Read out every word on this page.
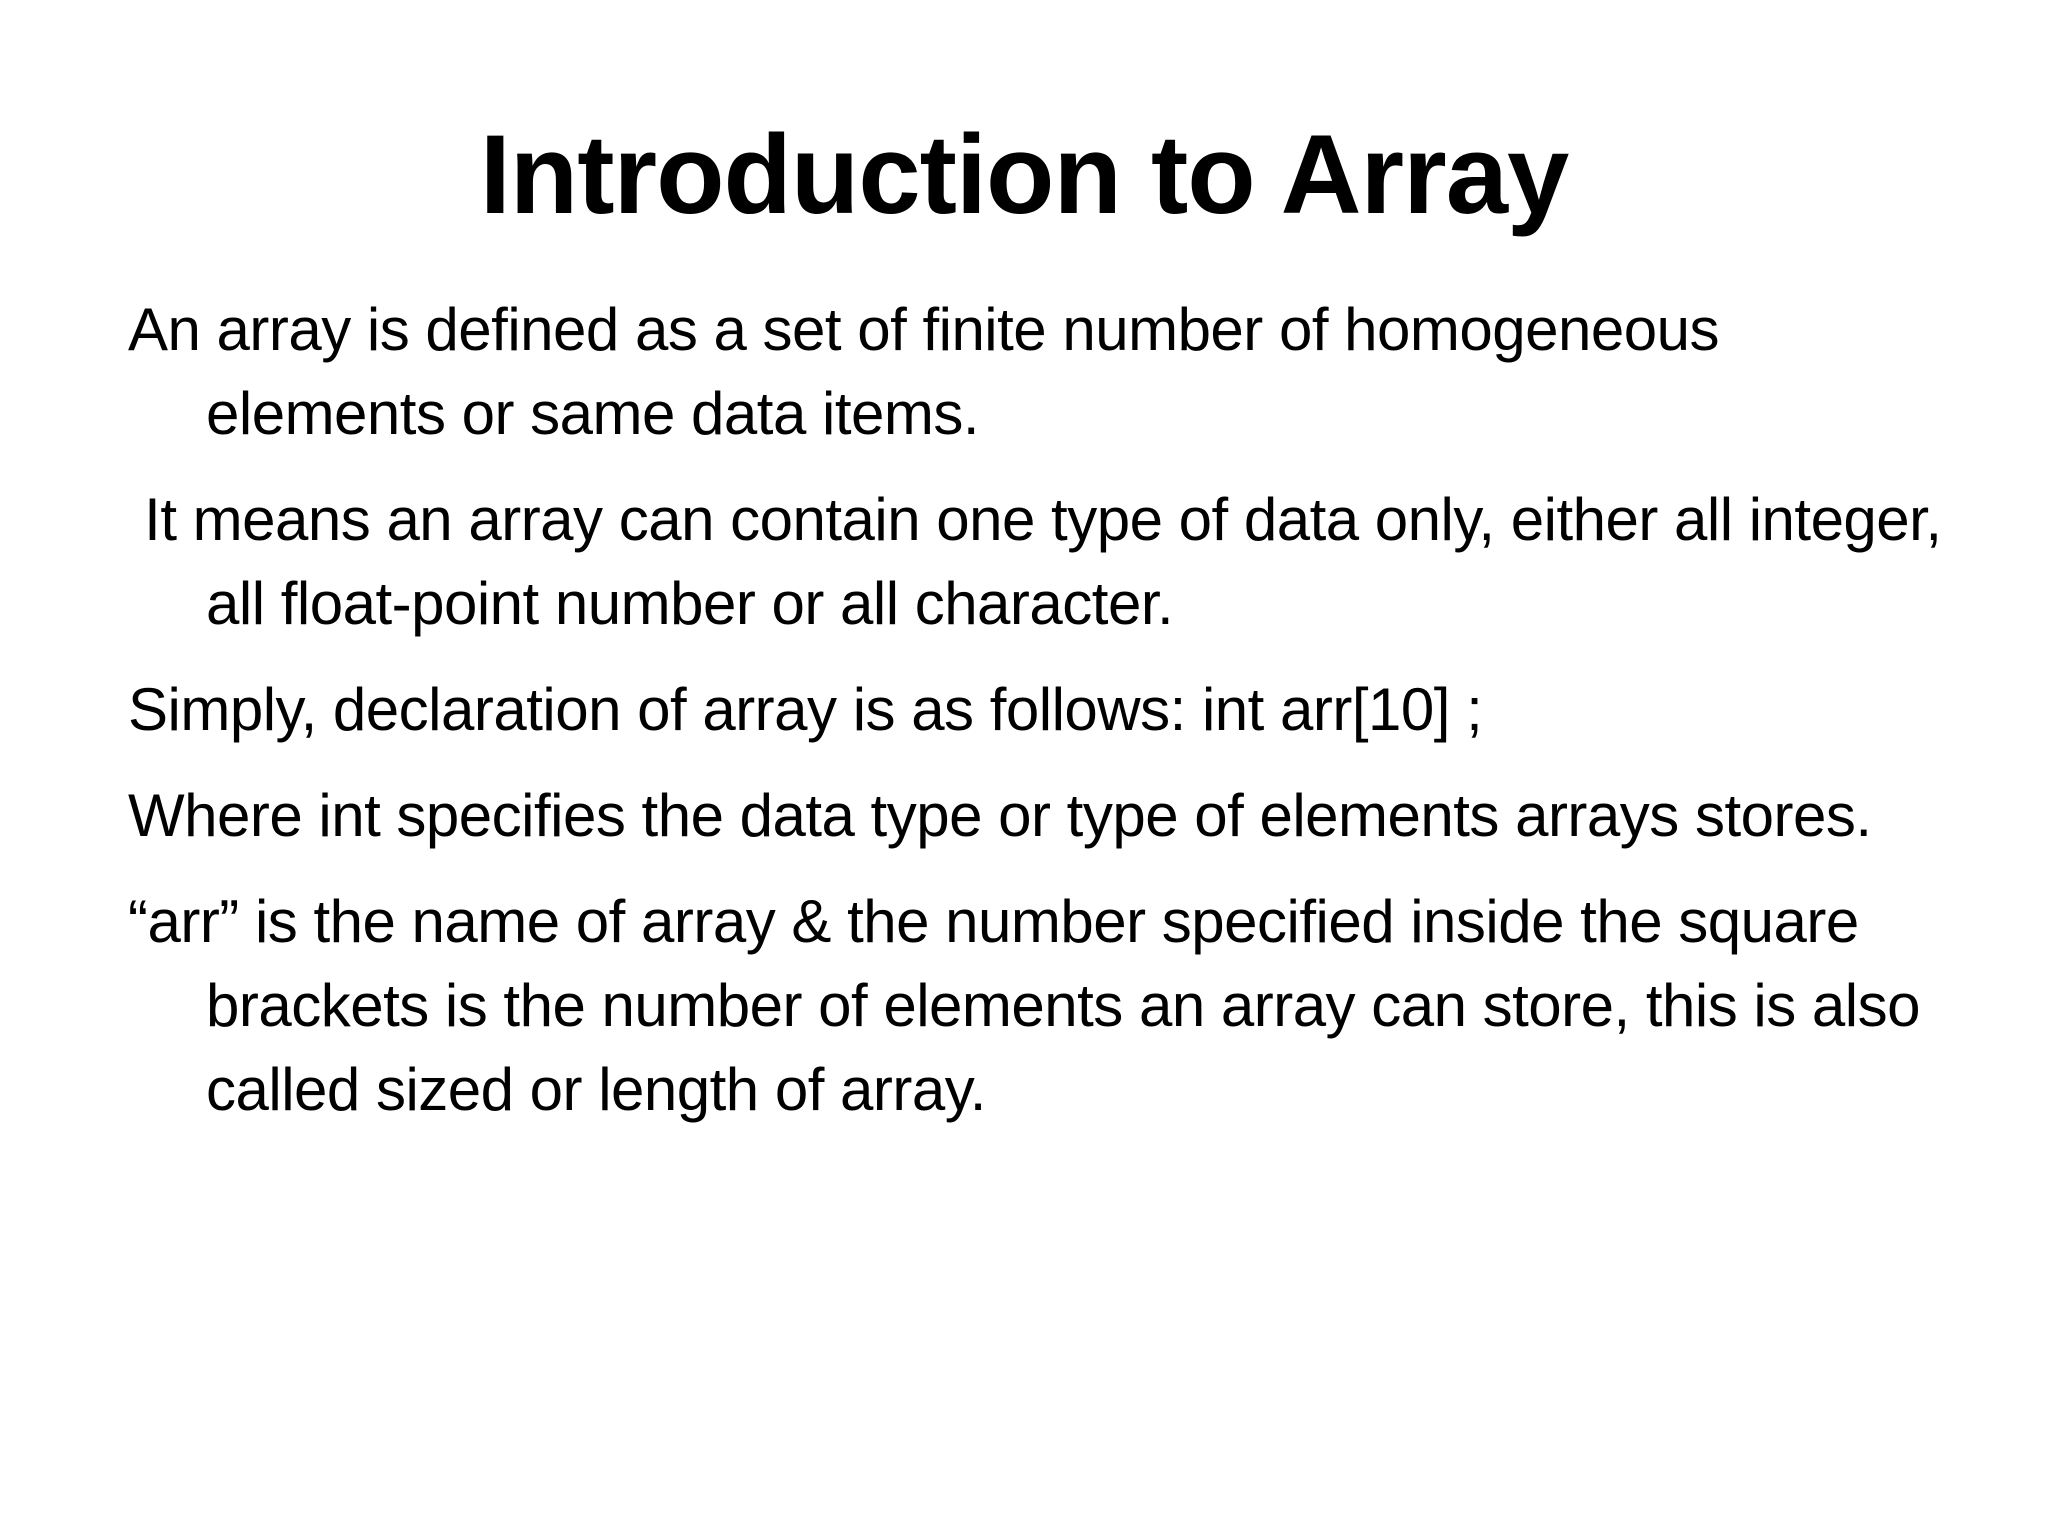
Introduction to Array
An array is defined as a set of finite number of homogeneous elements or same data items.
It means an array can contain one type of data only, either all integer, all float-point number or all character.
Simply, declaration of array is as follows: int arr[10] ;
Where int specifies the data type or type of elements arrays stores.
“arr” is the name of array & the number specified inside the square brackets is the number of elements an array can store, this is also called sized or length of array.
